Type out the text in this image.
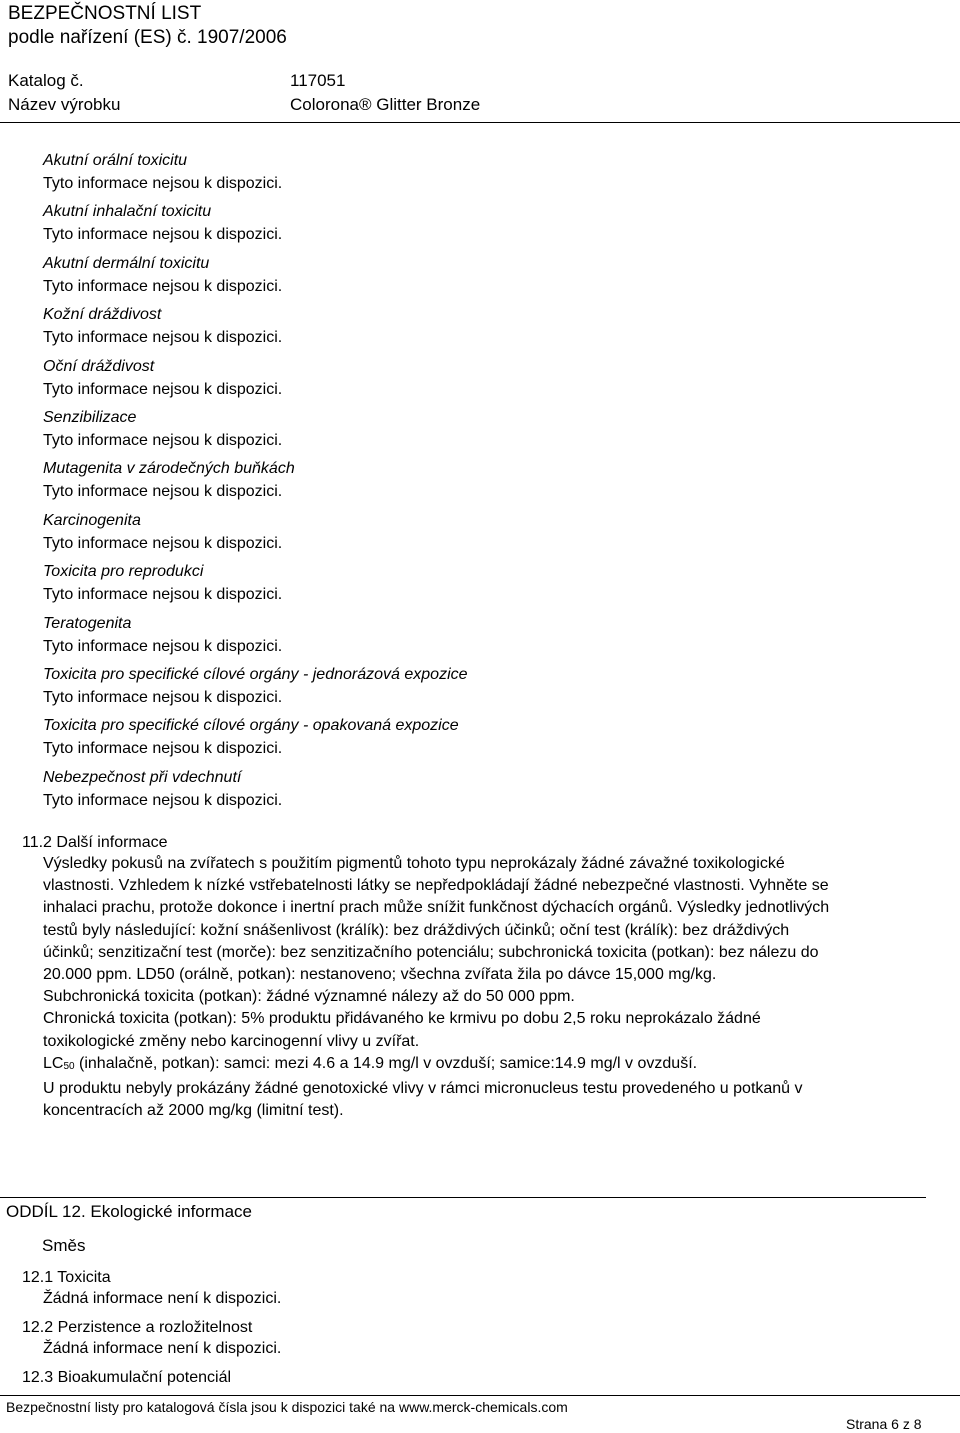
BEZPEČNOSTNÍ LIST
podle nařízení (ES) č. 1907/2006
Katalog č.	117051
Název výrobku	Colorona® Glitter Bronze
Akutní orální toxicitu
Tyto informace nejsou k dispozici.
Akutní inhalační toxicitu
Tyto informace nejsou k dispozici.
Akutní dermální toxicitu
Tyto informace nejsou k dispozici.
Kožní dráždivost
Tyto informace nejsou k dispozici.
Oční dráždivost
Tyto informace nejsou k dispozici.
Senzibilizace
Tyto informace nejsou k dispozici.
Mutagenita v zárodečných buňkách
Tyto informace nejsou k dispozici.
Karcinogenita
Tyto informace nejsou k dispozici.
Toxicita pro reprodukci
Tyto informace nejsou k dispozici.
Teratogenita
Tyto informace nejsou k dispozici.
Toxicita pro specifické cílové orgány - jednorázová expozice
Tyto informace nejsou k dispozici.
Toxicita pro specifické cílové orgány - opakovaná expozice
Tyto informace nejsou k dispozici.
Nebezpečnost při vdechnutí
Tyto informace nejsou k dispozici.
11.2 Další informace
Výsledky pokusů na zvířatech s použitím pigmentů tohoto typu neprokázaly žádné závažné toxikologické vlastnosti. Vzhledem k nízké vstřebatelnosti látky se nepředpokládají žádné nebezpečné vlastnosti. Vyhněte se inhalaci prachu, protože dokonce i inertní prach může snížit funkčnost dýchacích orgánů. Výsledky jednotlivých testů byly následující: kožní snášenlivost (králík): bez dráždivých účinků; oční test (králík): bez dráždivých účinků; senzitizační test (morče): bez senzitizačního potenciálu; subchronická toxicita (potkan): bez nálezu do 20.000 ppm. LD50 (orálně, potkan): nestanoveno; všechna zvířata žila po dávce 15,000 mg/kg.
Subchronická toxicita (potkan): žádné významné nálezy až do 50 000 ppm.
Chronická toxicita (potkan): 5% produktu přidávaného ke krmivu po dobu 2,5 roku neprokázalo žádné toxikologické změny nebo karcinogenní vlivy u zvířat.
$LC_{50}$ (inhalačně, potkan): samci: mezi 4.6 a 14.9 mg/l v ovzduší; samice:14.9 mg/l v ovzduší.
U produktu nebyly prokázány žádné genotoxické vlivy v rámci micronucleus testu provedeného u potkanů v koncentracích až 2000 mg/kg (limitní test).
ODDÍL 12. Ekologické informace
Směs
12.1 Toxicita
Žádná informace není k dispozici.
12.2 Perzistence a rozložitelnost
Žádná informace není k dispozici.
12.3 Bioakumulační potenciál
Bezpečnostní listy pro katalogová čísla jsou k dispozici také na www.merck-chemicals.com
Strana 6 z 8
